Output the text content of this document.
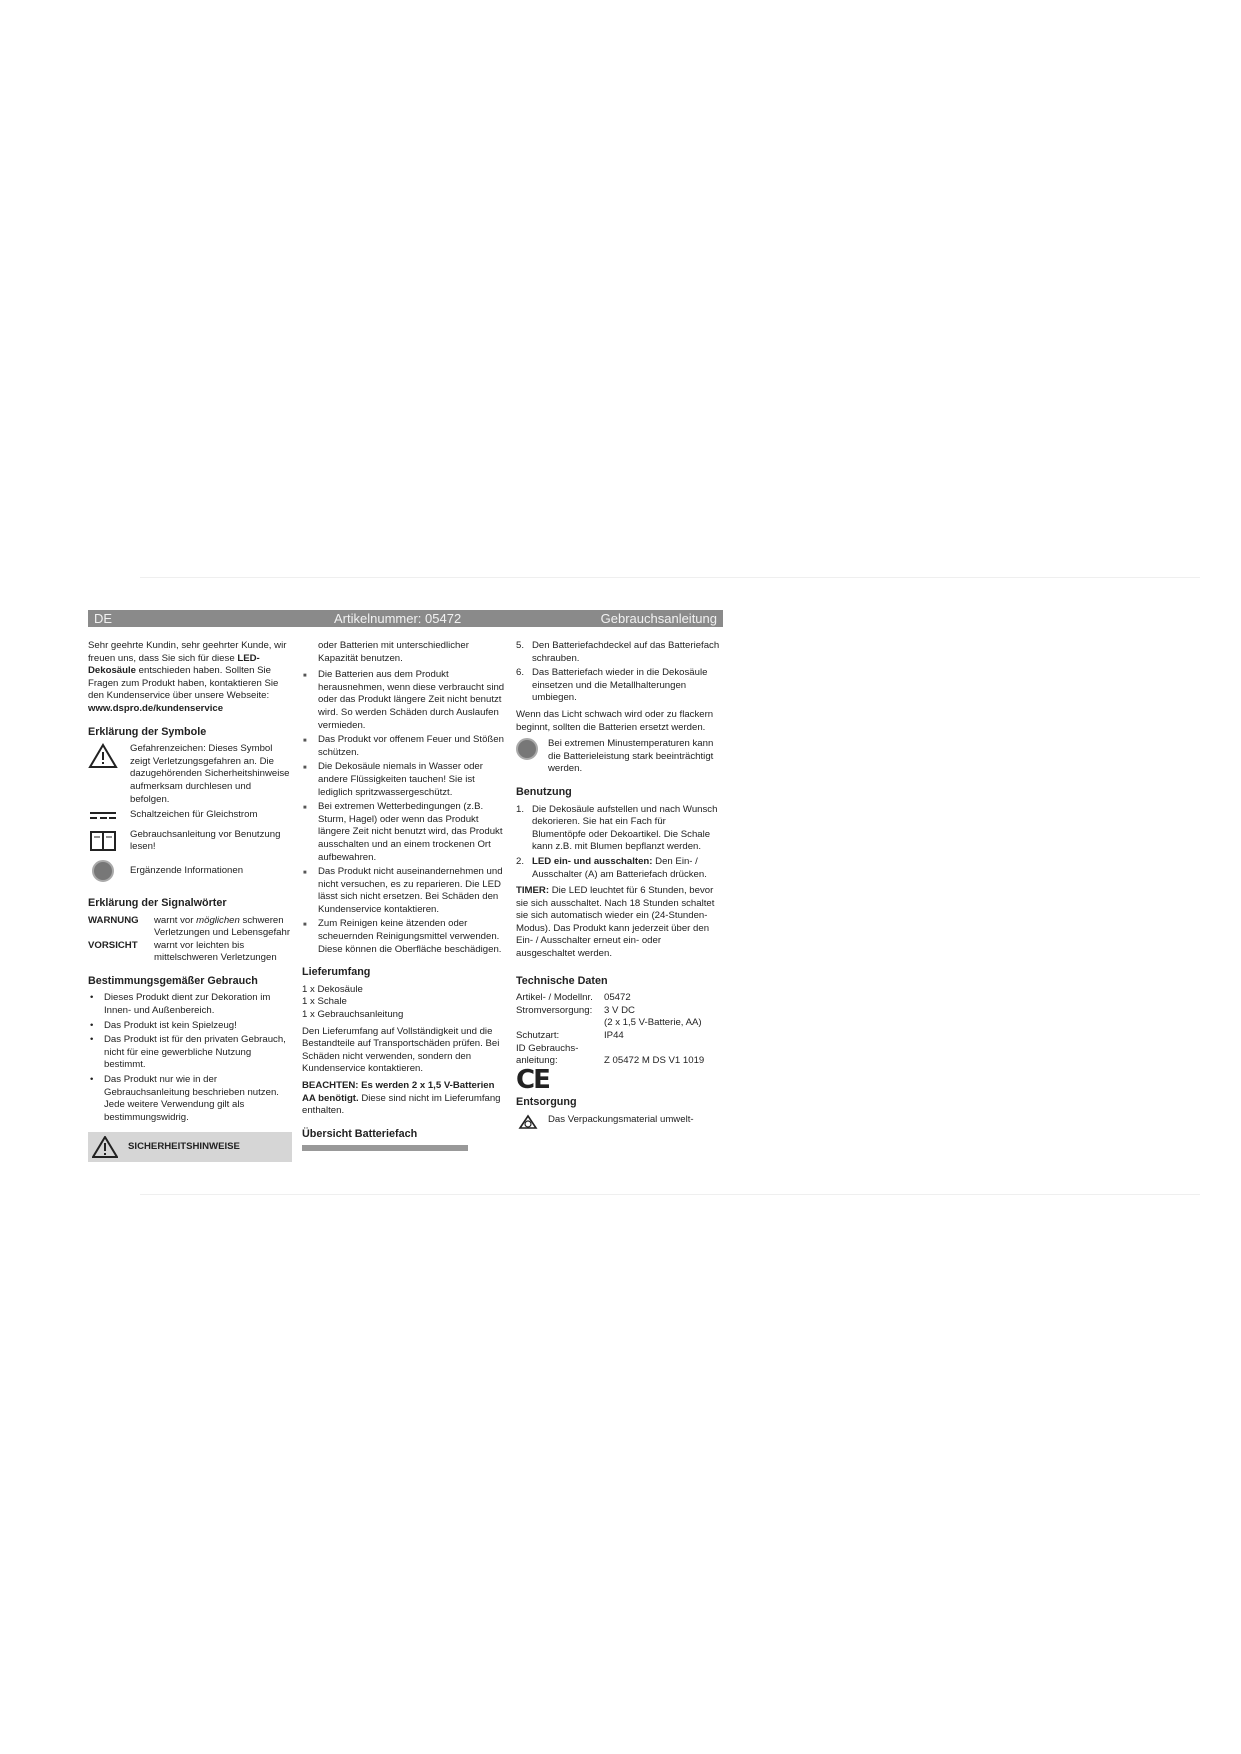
DE	Artikelnummer: 05472	Gebrauchsanleitung

Sehr geehrte Kundin, sehr geehrter Kunde, wir freuen uns, dass Sie sich für diese LED-Dekosäule entschieden haben. Sollten Sie Fragen zum Produkt haben, kontaktieren Sie den Kundenservice über unsere Webseite: www.dspro.de/kundenservice

Erklärung der Symbole
Gefahrenzeichen: Dieses Symbol zeigt Verletzungsgefahren an. Die dazugehörenden Sicherheitshinweise aufmerksam durchlesen und befolgen.
Schaltzeichen für Gleichstrom
Gebrauchsanleitung vor Benutzung lesen!
Ergänzende Informationen
Erklärung der Signalwörter
WARNUNG	warnt vor möglichen schweren Verletzungen und Lebensgefahr
VORSICHT	warnt vor leichten bis mittelschweren Verletzungen
Bestimmungsgemäßer Gebrauch
• Dieses Produkt dient zur Dekoration im Innen- und Außenbereich.
• Das Produkt ist kein Spielzeug!
• Das Produkt ist für den privaten Gebrauch, nicht für eine gewerbliche Nutzung bestimmt.
• Das Produkt nur wie in der Gebrauchsanleitung beschrieben nutzen. Jede weitere Verwendung gilt als bestimmungswidrig.
SICHERHEITSHINWEISE

oder Batterien mit unterschiedlicher Kapazität benutzen.

■ Die Batterien aus dem Produkt herausnehmen, wenn diese verbraucht sind oder das Produkt längere Zeit nicht benutzt wird. So werden Schäden durch Auslaufen vermieden.
■ Das Produkt vor offenem Feuer und Stößen schützen.
■ Die Dekosäule niemals in Wasser oder andere Flüssigkeiten tauchen! Sie ist lediglich spritzwassergeschützt.
■ Bei extremen Wetterbedingungen (z.B. Sturm, Hagel) oder wenn das Produkt längere Zeit nicht benutzt wird, das Produkt ausschalten und an einem trockenen Ort aufbewahren.
■ Das Produkt nicht auseinandernehmen und nicht versuchen, es zu reparieren. Die LED lässt sich nicht ersetzen. Bei Schäden den Kundenservice kontaktieren.
■ Zum Reinigen keine ätzenden oder scheuernden Reinigungsmittel verwenden. Diese können die Oberfläche beschädigen.
Lieferumfang
1 x Dekosäule
1 x Schale
1 x Gebrauchsanleitung

Den Lieferumfang auf Vollständigkeit und die Bestandteile auf Transportschäden prüfen. Bei Schäden nicht verwenden, sondern den Kundenservice kontaktieren.

BEACHTEN: Es werden 2 x 1,5 V-Batterien AA benötigt. Diese sind nicht im Lieferumfang enthalten.

Übersicht Batteriefach
5. Den Batteriefachdeckel auf das Batteriefach schrauben.
6. Das Batteriefach wieder in die Dekosäule einsetzen und die Metallhalterungen umbiegen.

Wenn das Licht schwach wird oder zu flackern beginnt, sollten die Batterien ersetzt werden.

Bei extremen Minustemperaturen kann die Batterieleistung stark beeinträchtigt werden.
Benutzung
1. Die Dekosäule aufstellen und nach Wunsch dekorieren. Sie hat ein Fach für Blumentöpfe oder Dekoartikel. Die Schale kann z.B. mit Blumen bepflanzt werden.
2. LED ein- und ausschalten: Den Ein- / Ausschalter (A) am Batteriefach drücken.

TIMER: Die LED leuchtet für 6 Stunden, bevor sie sich ausschaltet. Nach 18 Stunden schaltet sie sich automatisch wieder ein (24-Stunden-Modus). Das Produkt kann jederzeit über den Ein- / Ausschalter erneut ein- oder ausgeschaltet werden.

Technische Daten
Artikel- / Modellnr.	05472
Stromversorgung:	3 V DC
(2 x 1,5 V-Batterie, AA)
Schutzart:	IP44
ID Gebrauchs-
anleitung:	Z 05472 M DS V1 1019
CE
Entsorgung
Das Verpackungsmaterial umwelt-
